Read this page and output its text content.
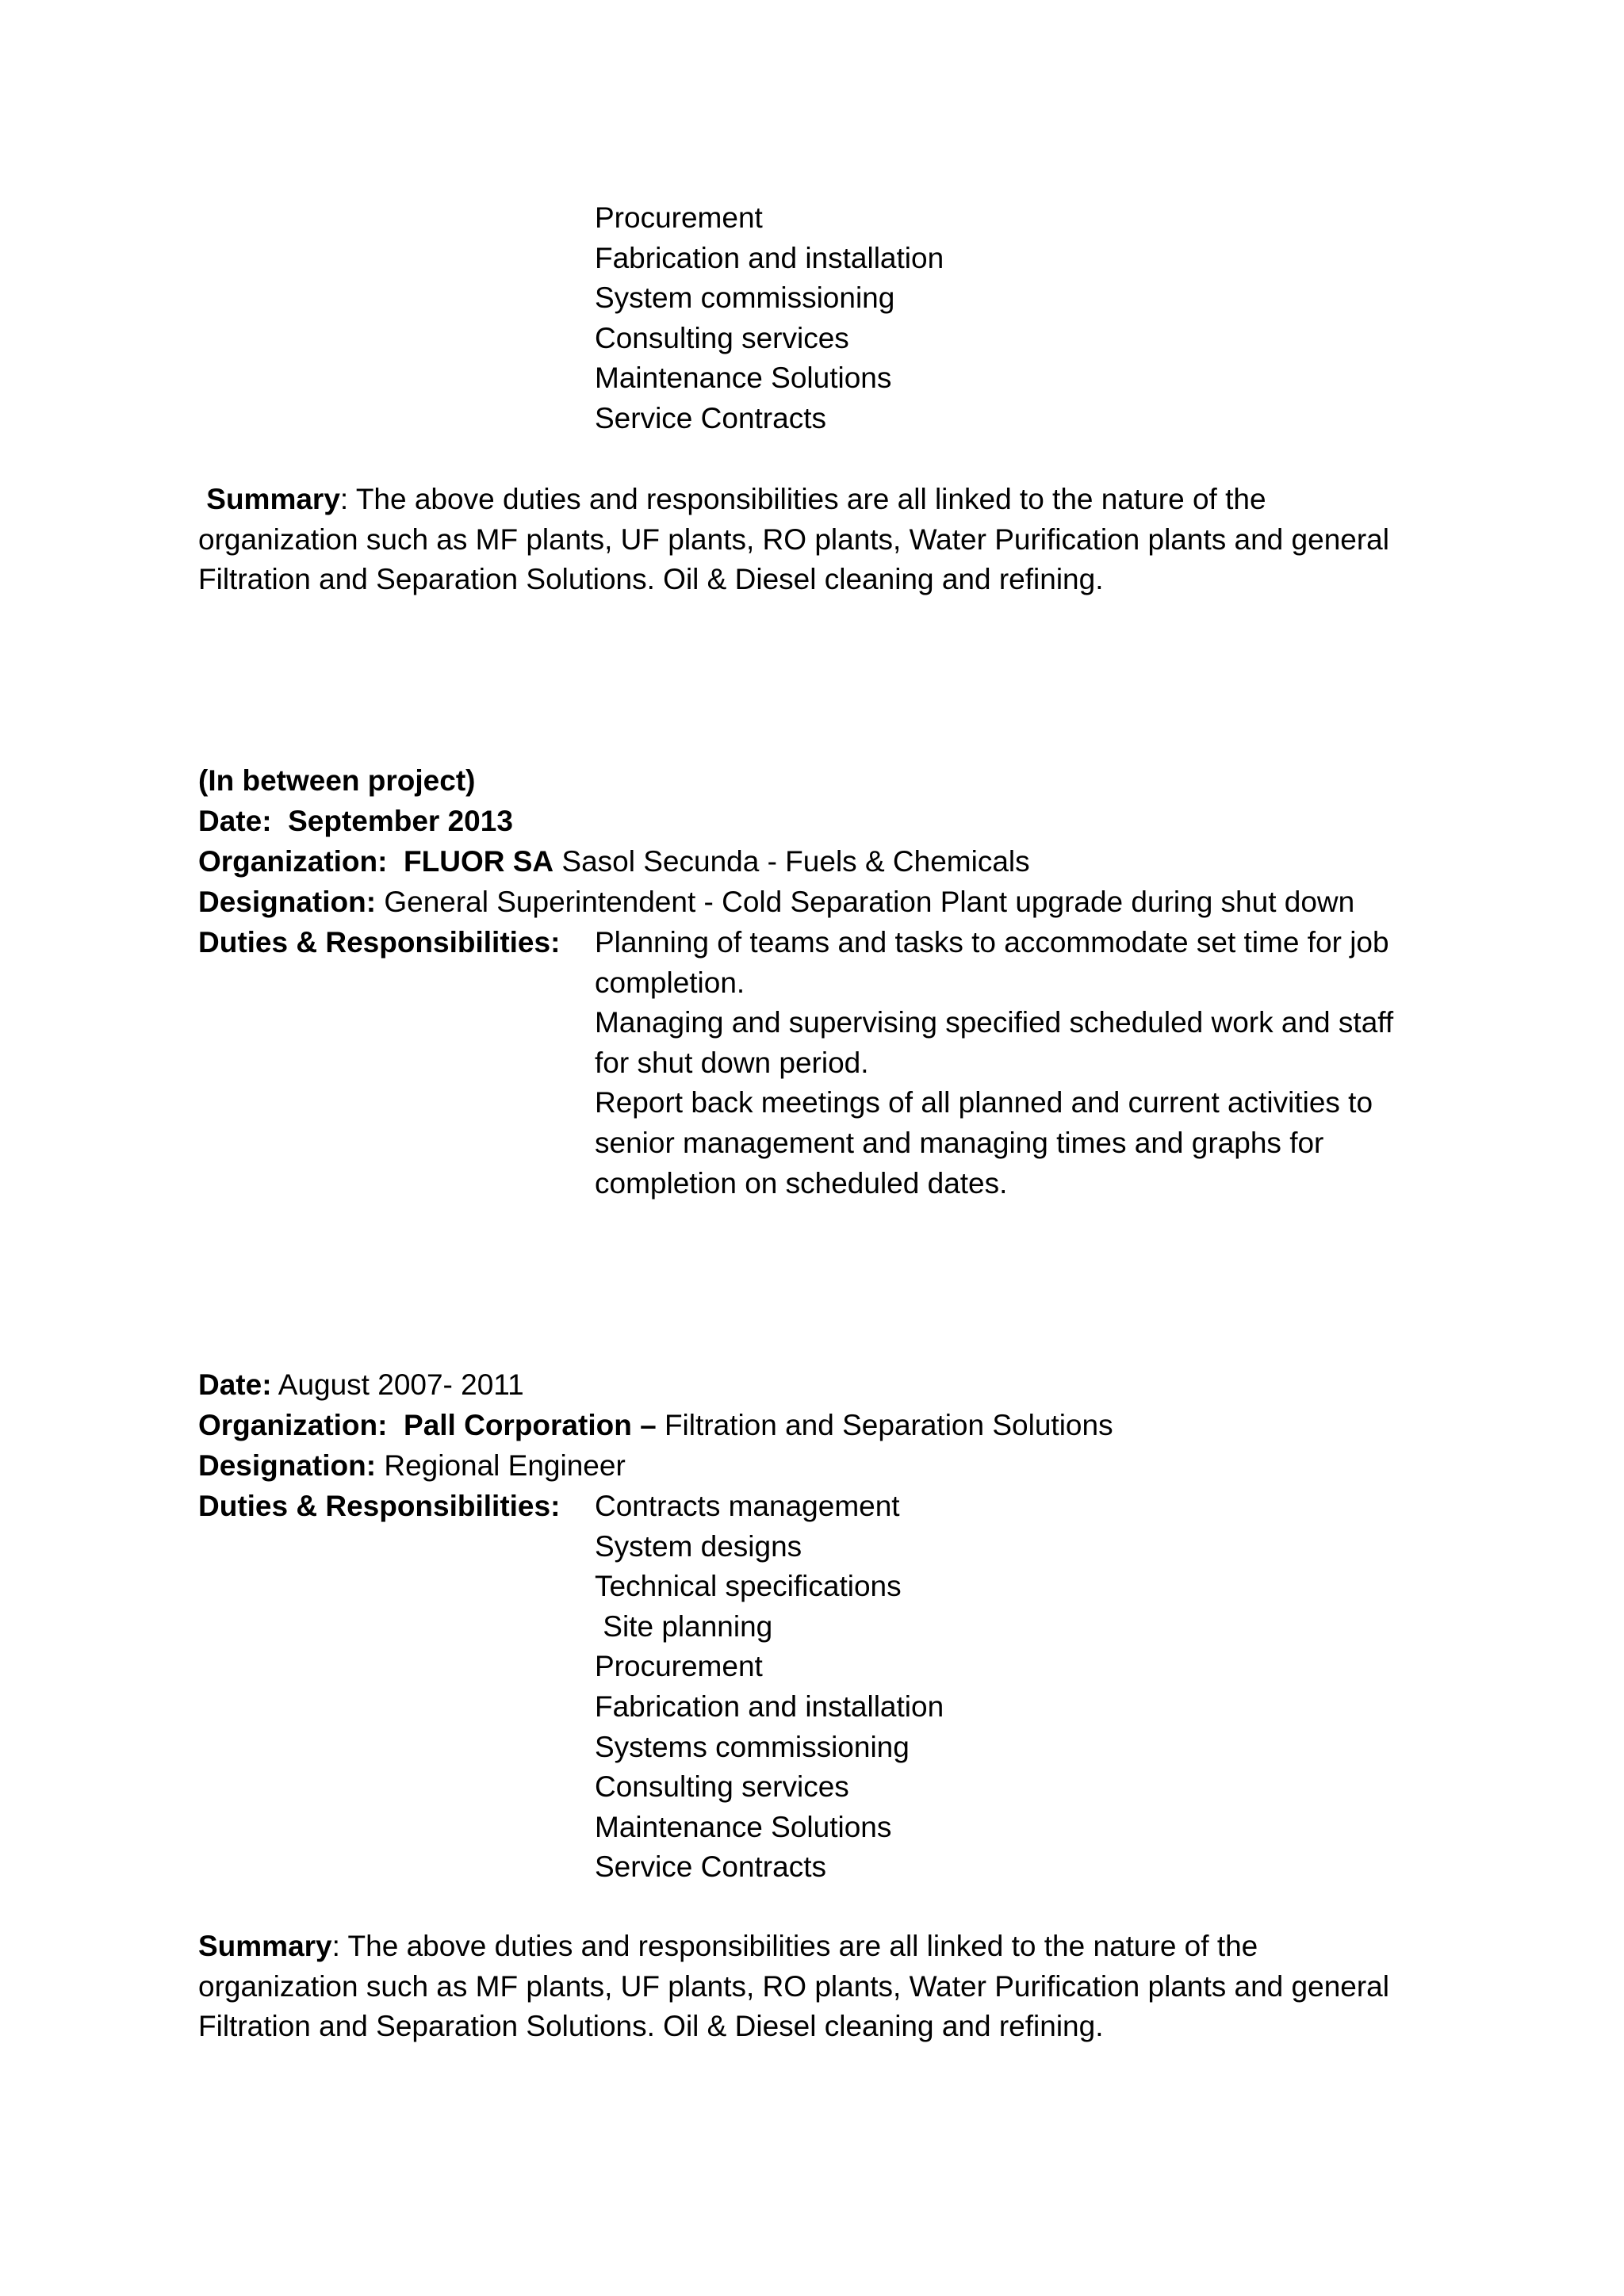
Procurement
Fabrication and installation
System commissioning
Consulting services
Maintenance Solutions
Service Contracts
Summary: The above duties and responsibilities are all linked to the nature of the
organization such as MF plants, UF plants, RO plants, Water Purification plants and general
Filtration and Separation Solutions. Oil & Diesel cleaning and refining.
(In between project)
Date: September 2013
Organization: FLUOR SA Sasol Secunda - Fuels & Chemicals
Designation: General Superintendent - Cold Separation Plant upgrade during shut down
Duties & Responsibilities: Planning of teams and tasks to accommodate set time for job
completion.
Managing and supervising specified scheduled work and staff
for shut down period.
Report back meetings of all planned and current activities to
senior management and managing times and graphs for
completion on scheduled dates.
Date: August 2007- 2011
Organization: Pall Corporation – Filtration and Separation Solutions
Designation: Regional Engineer
Duties & Responsibilities: Contracts management
System designs
Technical specifications
Site planning
Procurement
Fabrication and installation
Systems commissioning
Consulting services
Maintenance Solutions
Service Contracts
Summary: The above duties and responsibilities are all linked to the nature of the
organization such as MF plants, UF plants, RO plants, Water Purification plants and general
Filtration and Separation Solutions. Oil & Diesel cleaning and refining.
